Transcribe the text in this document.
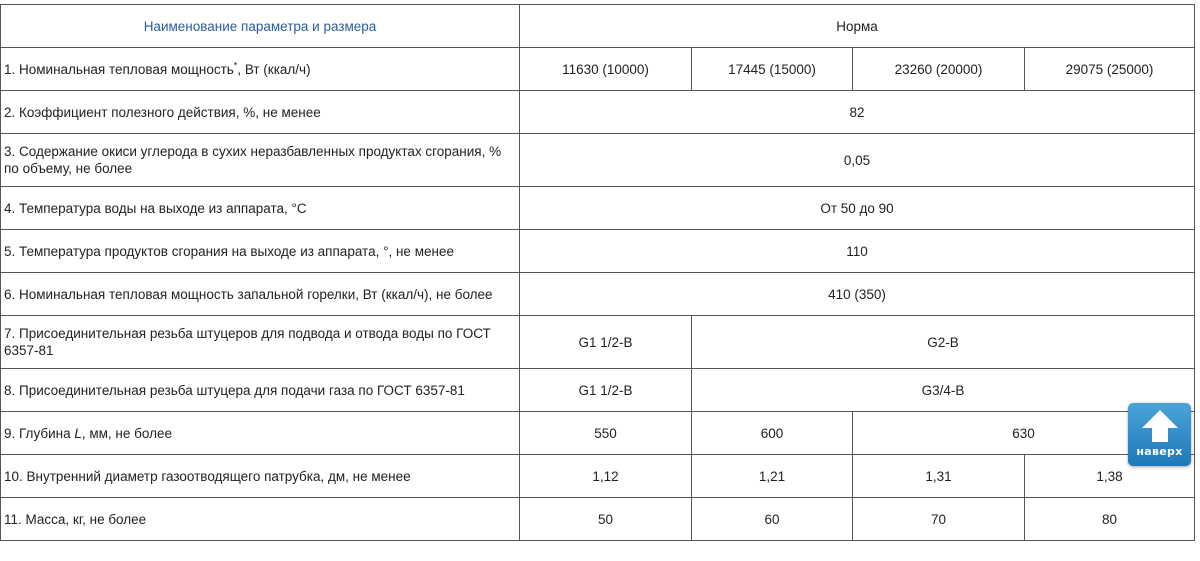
Наименование параметра и размера	Норма			
1. Номинальная тепловая мощность*, Вт (ккал/ч)	11630 (10000)	17445 (15000)	23260 (20000)	29075 (25000)
2. Коэффициент полезного действия, %, не менее	82			
3. Содержание окиси углерода в сухих неразбавленных продуктах сгорания, % по объему, не более	0,05			
4. Температура воды на выходе из аппарата, °С	От 50 до 90			
5. Температура продуктов сгорания на выходе из аппарата, °, не менее	110			
6. Номинальная тепловая мощность запальной горелки, Вт (ккал/ч), не более	410 (350)			
7. Присоединительная резьба штуцеров для подвода и отвода воды по ГОСТ 6357-81	G1 1/2-В	G2-В		
8. Присоединительная резьба штуцера для подачи газа по ГОСТ 6357-81	G1 1/2-В	G3/4-В		
9. Глубина L, мм, не более	550	600	630	
10. Внутренний диаметр газоотводящего патрубка, дм, не менее	1,12	1,21	1,31	1,38
11. Масса, кг, не более	50	60	70	80
наверх
